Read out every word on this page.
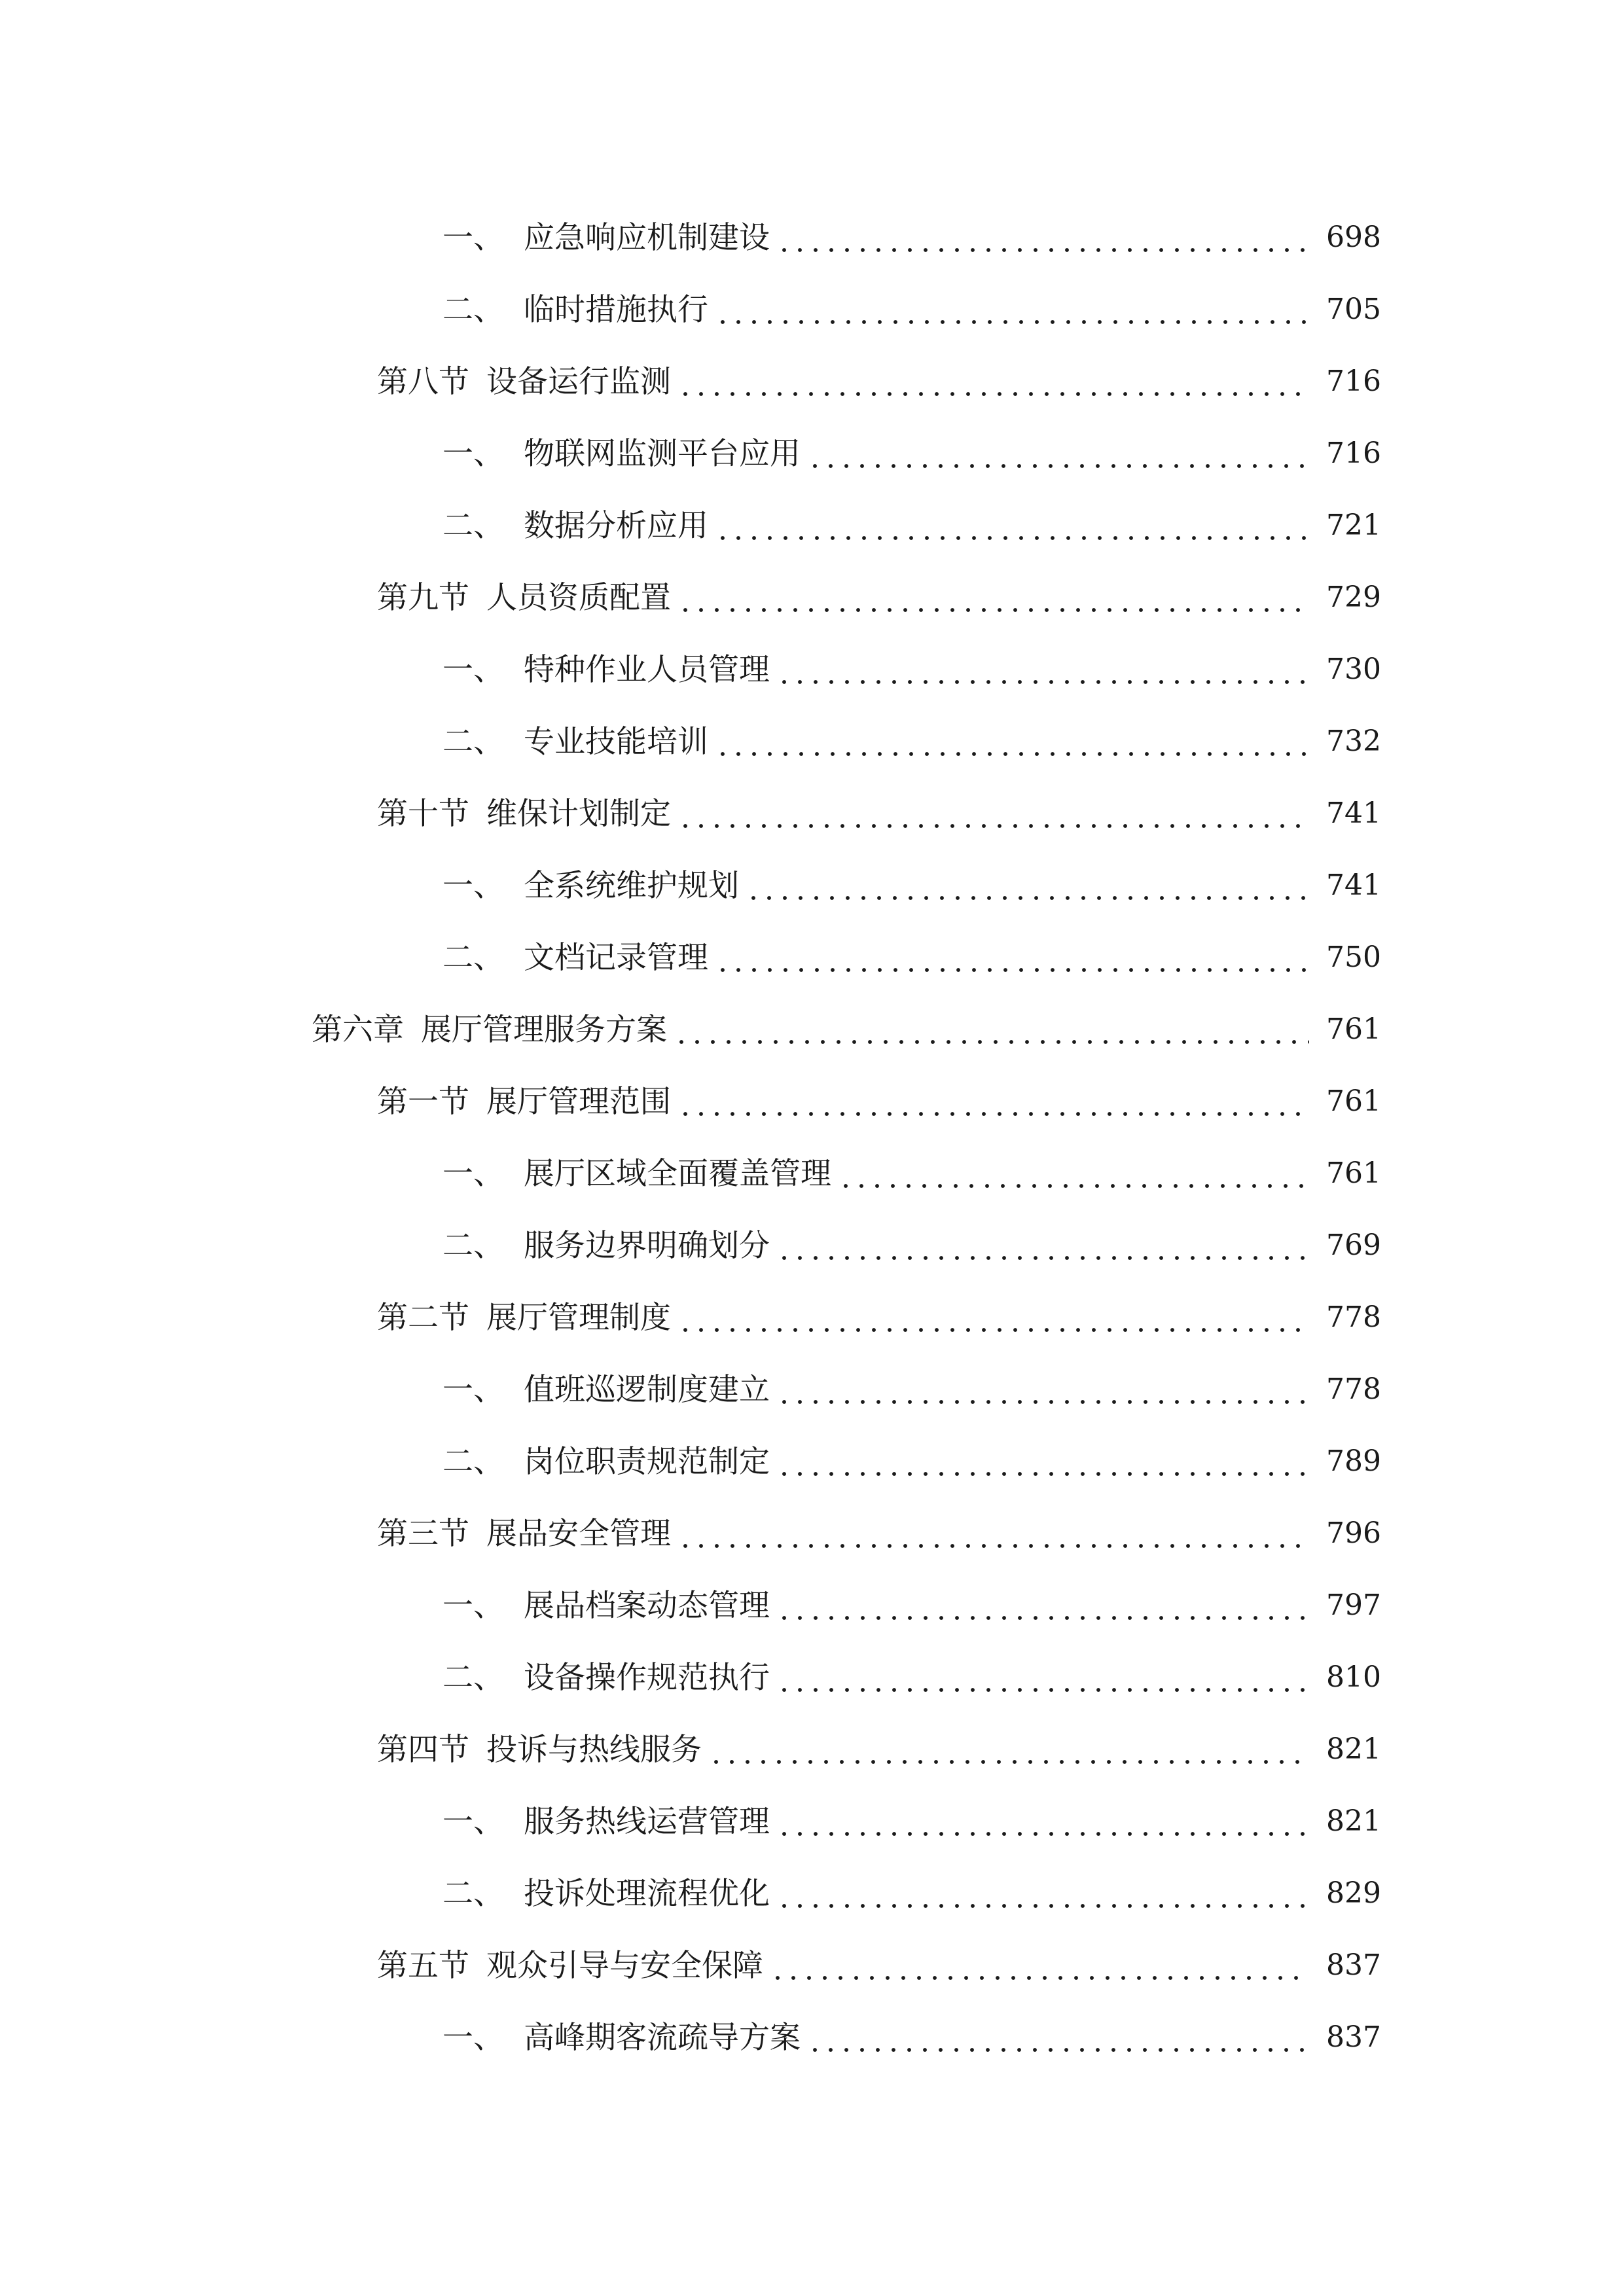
一、 应急响应机制建设	698
二、 临时措施执行	705
第八节 设备运行监测	716
一、 物联网监测平台应用	716
二、 数据分析应用	721
第九节 人员资质配置	729
一、 特种作业人员管理	730
二、 专业技能培训	732
第十节 维保计划制定	741
一、 全系统维护规划	741
二、 文档记录管理	750
第六章 展厅管理服务方案	761
第一节 展厅管理范围	761
一、 展厅区域全面覆盖管理	761
二、 服务边界明确划分	769
第二节 展厅管理制度	778
一、 值班巡逻制度建立	778
二、 岗位职责规范制定	789
第三节 展品安全管理	796
一、 展品档案动态管理	797
二、 设备操作规范执行	810
第四节 投诉与热线服务	821
一、 服务热线运营管理	821
二、 投诉处理流程优化	829
第五节 观众引导与安全保障	837
一、 高峰期客流疏导方案	837
